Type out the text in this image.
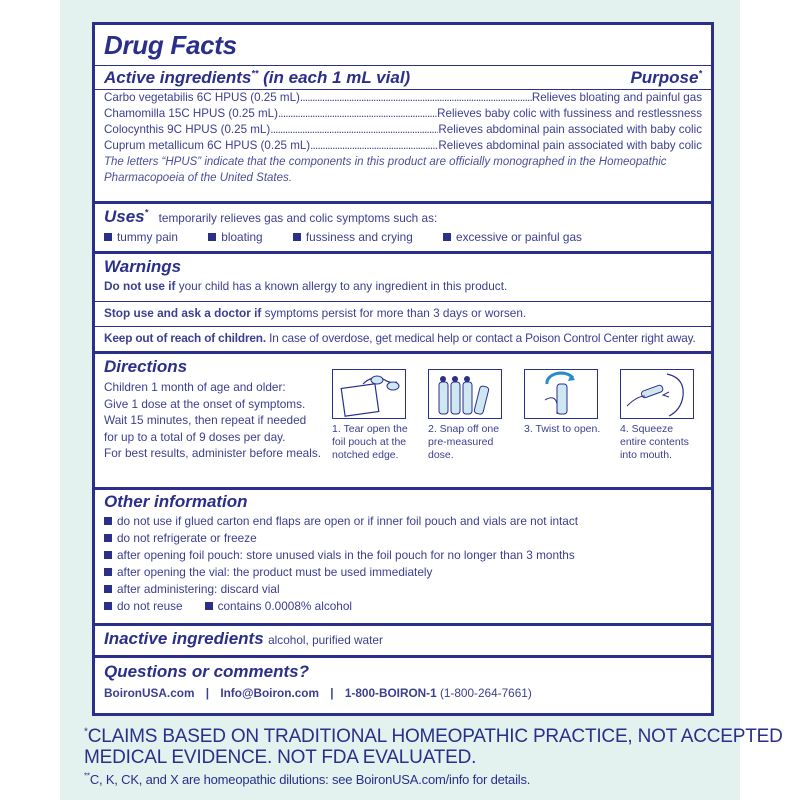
Drug Facts
Active ingredients** (in each 1 mL vial)	Purpose*
Carbo vegetabilis 6C HPUS (0.25 mL) . . .	Relieves bloating and painful gas
Chamomilla 15C HPUS (0.25 mL) . . .	Relieves baby colic with fussiness and restlessness
Colocynthis 9C HPUS (0.25 mL) . . .	Relieves abdominal pain associated with baby colic
Cuprum metallicum 6C HPUS (0.25 mL) . . .	Relieves abdominal pain associated with baby colic
The letters “HPUS” indicate that the components in this product are officially monographed in the Homeopathic Pharmacopoeia of the United States.
Uses* temporarily relieves gas and colic symptoms such as:
tummy pain	bloating	fussiness and crying	excessive or painful gas
Warnings
Do not use if your child has a known allergy to any ingredient in this product.
Stop use and ask a doctor if symptoms persist for more than 3 days or worsen.
Keep out of reach of children. In case of overdose, get medical help or contact a Poison Control Center right away.
Directions
Children 1 month of age and older:
Give 1 dose at the onset of symptoms.
Wait 15 minutes, then repeat if needed
for up to a total of 9 doses per day.
For best results, administer before meals.
1. Tear open the foil pouch at the notched edge.
2. Snap off one pre-measured dose.
3. Twist to open.	4. Squeeze entire contents into mouth.
Other information
do not use if glued carton end flaps are open or if inner foil pouch and vials are not intact
do not refrigerate or freeze
after opening foil pouch: store unused vials in the foil pouch for no longer than 3 months
after opening the vial: the product must be used immediately
after administering: discard vial
do not reuse	contains 0.0008% alcohol
Inactive ingredients alcohol, purified water
Questions or comments?
BoironUSA.com | Info@Boiron.com | 1-800-BOIRON-1 (1-800-264-7661)
*CLAIMS BASED ON TRADITIONAL HOMEOPATHIC PRACTICE, NOT ACCEPTED
MEDICAL EVIDENCE. NOT FDA EVALUATED.
**C, K, CK, and X are homeopathic dilutions: see BoironUSA.com/info for details.
